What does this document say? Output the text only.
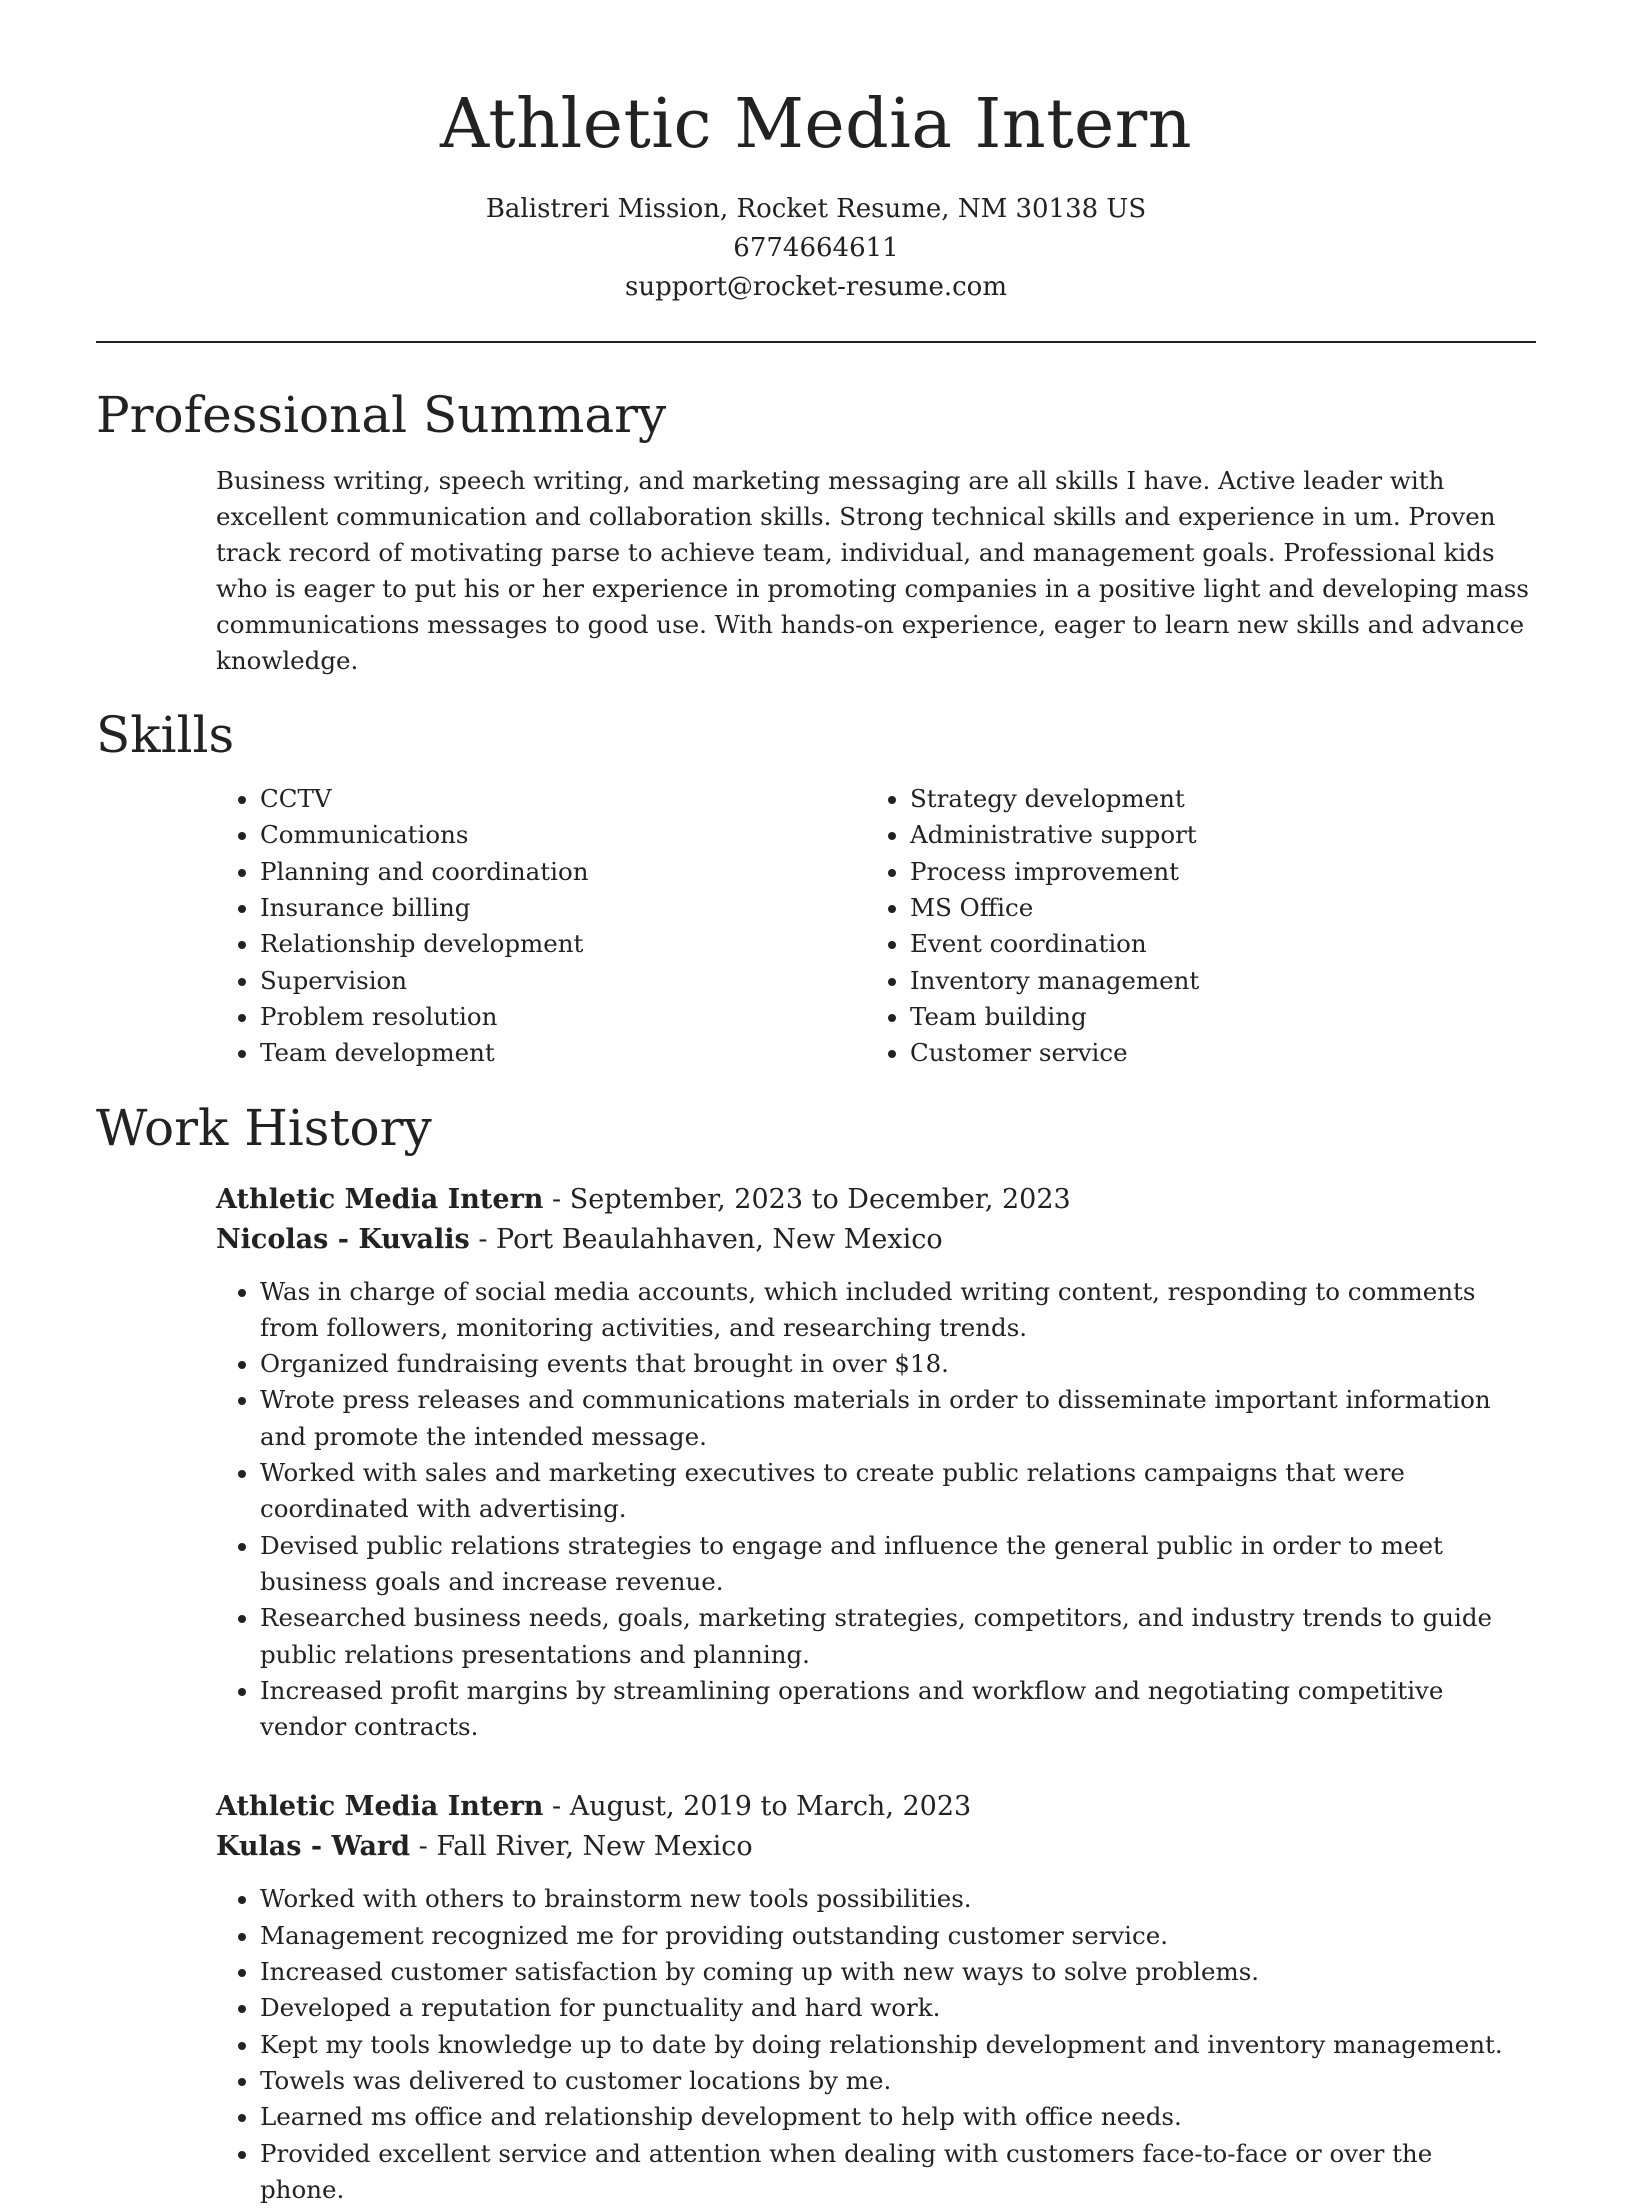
Athletic Media Intern
Balistreri Mission, Rocket Resume, NM 30138 US
6774664611
support@rocket-resume.com
Professional Summary

Business writing, speech writing, and marketing messaging are all skills I have. Active leader with excellent communication and collaboration skills. Strong technical skills and experience in um. Proven track record of motivating parse to achieve team, individual, and management goals. Professional kids who is eager to put his or her experience in promoting companies in a positive light and developing mass communications messages to good use. With hands-on experience, eager to learn new skills and advance knowledge.

Skills
• CCTV
• Communications
• Planning and coordination
• Insurance billing
• Relationship development
• Supervision
• Problem resolution
• Team development
• Strategy development
• Administrative support
• Process improvement
• MS Office
• Event coordination
• Inventory management
• Team building
• Customer service
Work History
Athletic Media Intern - September, 2023 to December, 2023
Nicolas - Kuvalis - Port Beaulahhaven, New Mexico
• Was in charge of social media accounts, which included writing content, responding to comments from followers, monitoring activities, and researching trends.
• Organized fundraising events that brought in over $18.
• Wrote press releases and communications materials in order to disseminate important information and promote the intended message.
• Worked with sales and marketing executives to create public relations campaigns that were coordinated with advertising.
• Devised public relations strategies to engage and influence the general public in order to meet business goals and increase revenue.
• Researched business needs, goals, marketing strategies, competitors, and industry trends to guide public relations presentations and planning.
• Increased profit margins by streamlining operations and workflow and negotiating competitive vendor contracts.
Athletic Media Intern - August, 2019 to March, 2023
Kulas - Ward - Fall River, New Mexico
• Worked with others to brainstorm new tools possibilities.
• Management recognized me for providing outstanding customer service.
• Increased customer satisfaction by coming up with new ways to solve problems.
• Developed a reputation for punctuality and hard work.
• Kept my tools knowledge up to date by doing relationship development and inventory management.
• Towels was delivered to customer locations by me.
• Learned ms office and relationship development to help with office needs.
• Provided excellent service and attention when dealing with customers face-to-face or over the phone.
